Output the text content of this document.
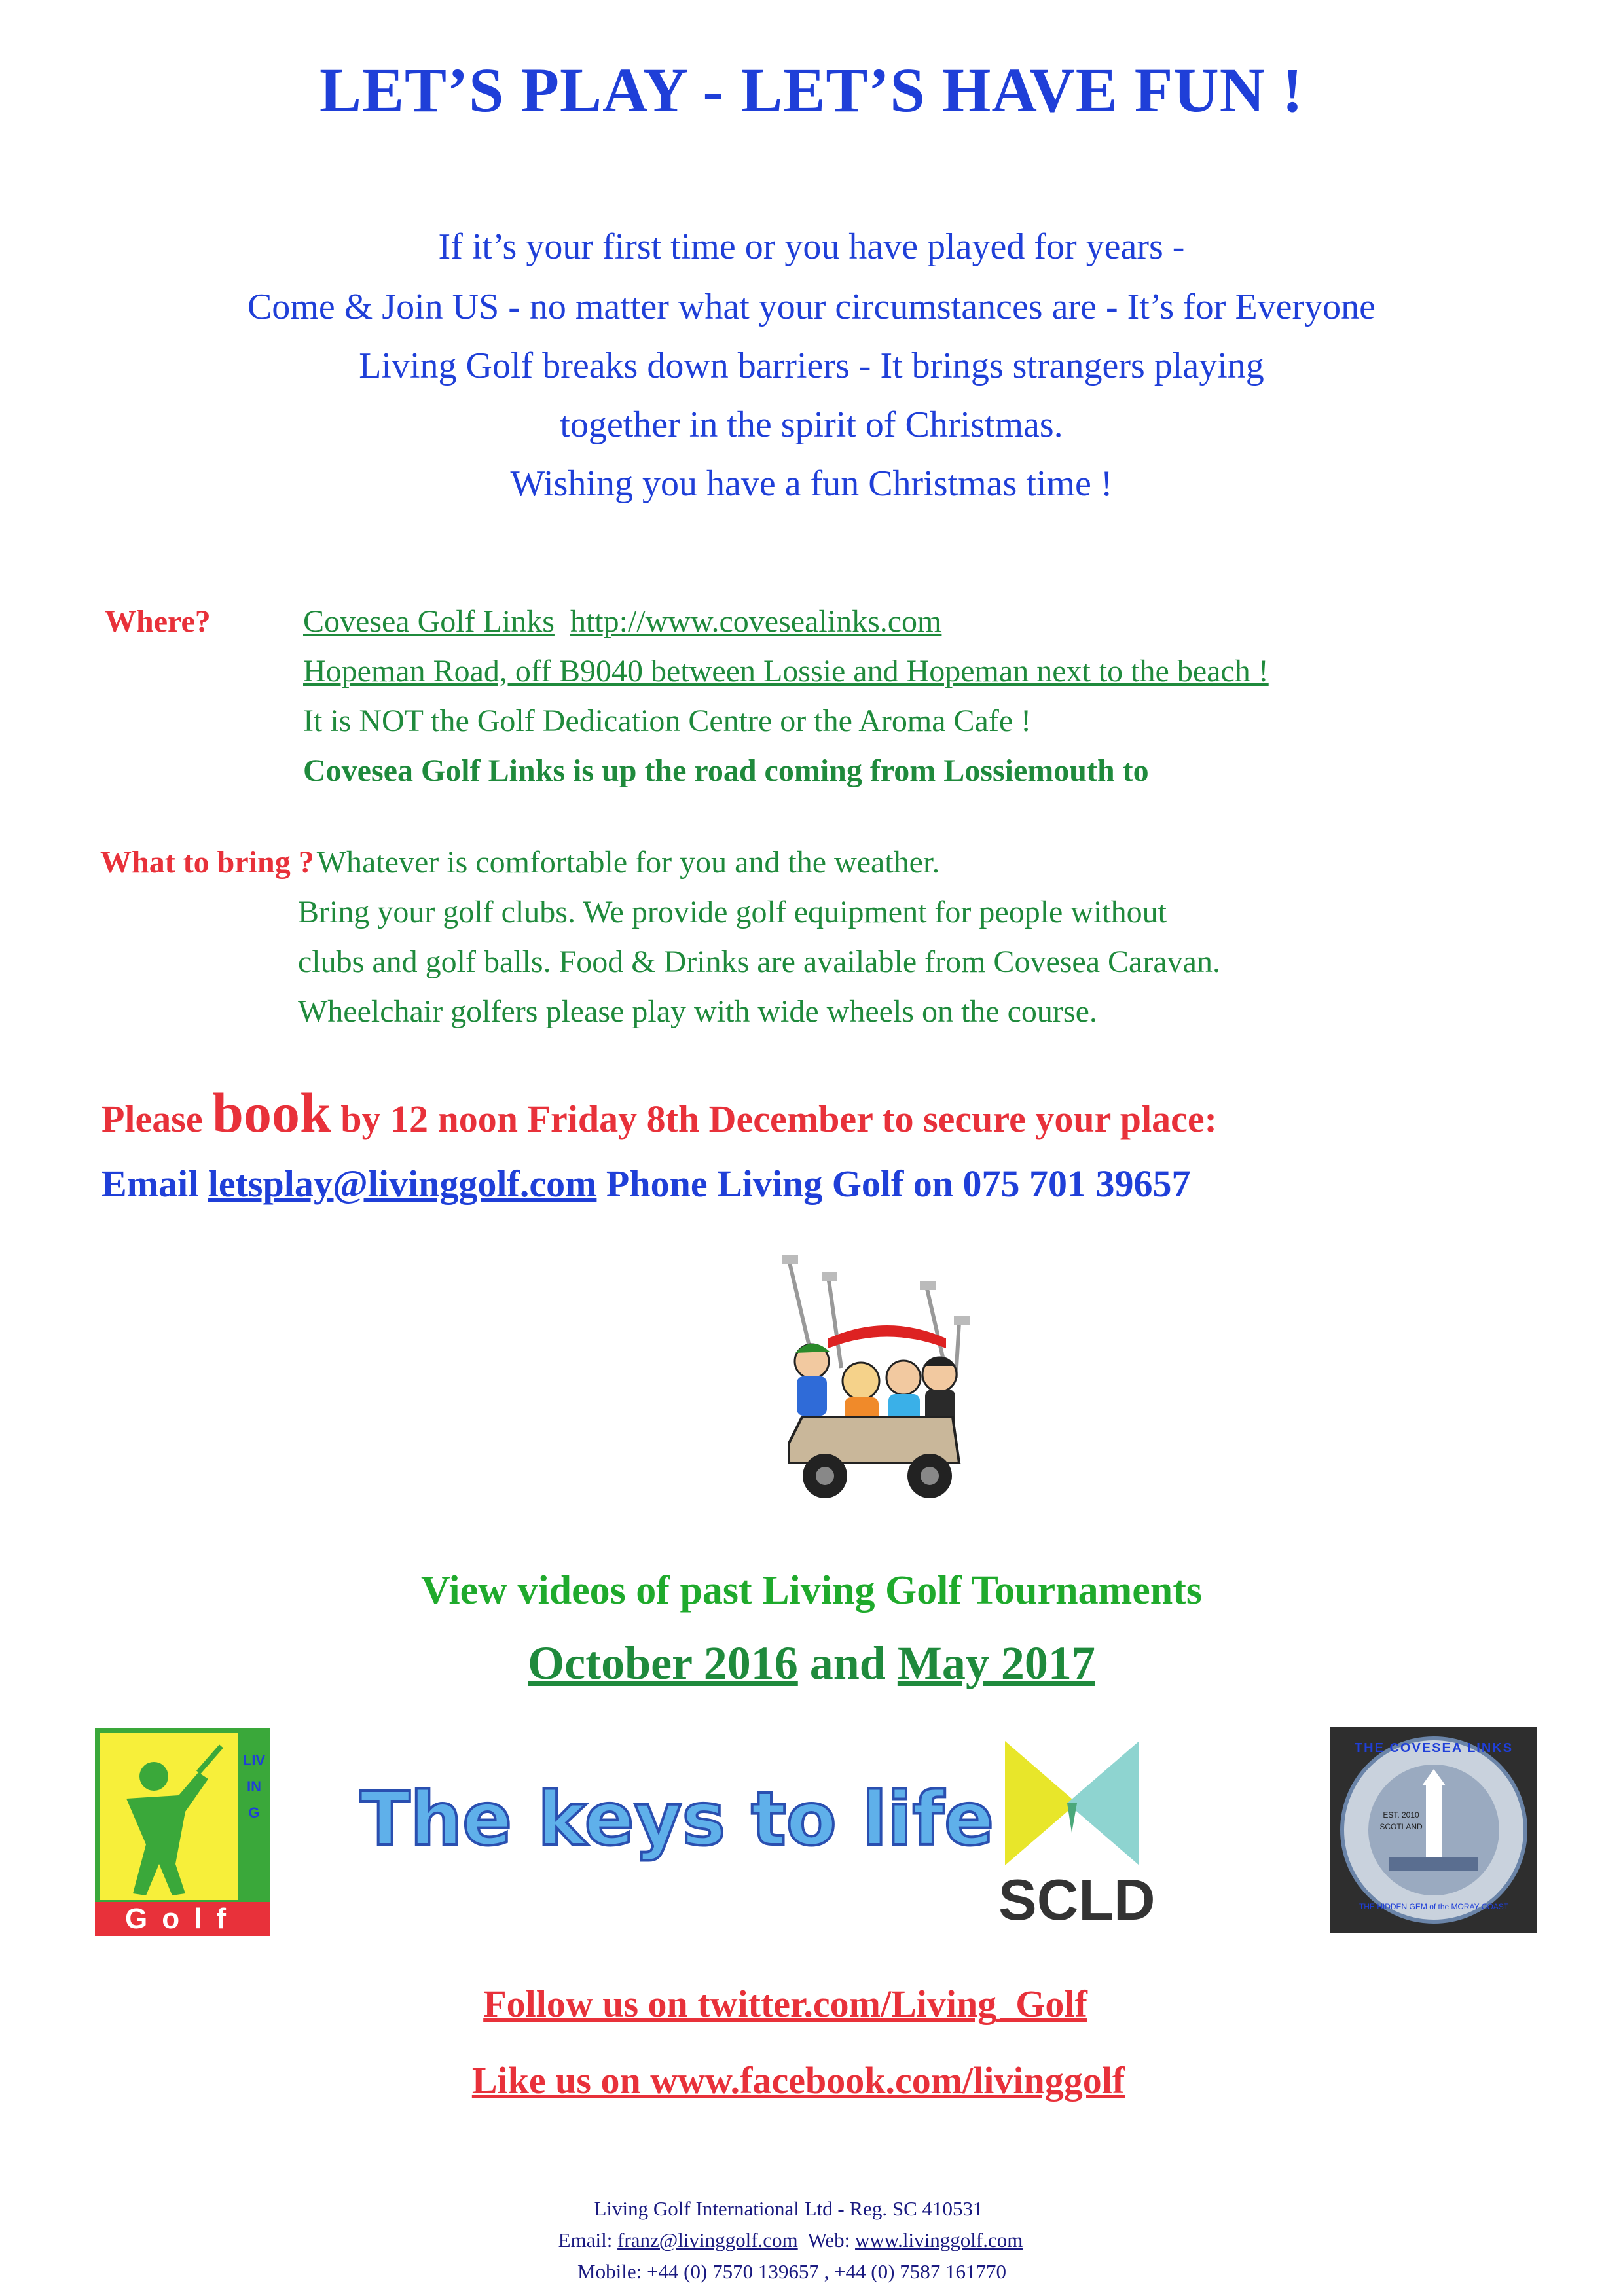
LET’S PLAY - LET’S HAVE FUN !
If it’s your first time or you have played for years -
Come & Join US - no matter what your circumstances are - It’s for Everyone
Living Golf breaks down barriers - It brings strangers playing
together in the spirit of Christmas.
Wishing you have a fun Christmas time !
Where?	Covesea Golf Links http://www.covesealinks.com
Hopeman Road, off B9040 between Lossie and Hopeman next to the beach !
It is NOT the Golf Dedication Centre or the Aroma Cafe !
Covesea Golf Links is up the road coming from Lossiemouth to
What to bring ? Whatever is comfortable for you and the weather.
Bring your golf clubs. We provide golf equipment for people without
clubs and golf balls. Food & Drinks are available from Covesea Caravan.
Wheelchair golfers please play with wide wheels on the course.
Please book by 12 noon Friday 8th December to secure your place:
Email letsplay@livinggolf.com Phone Living Golf on 075 701 39657
View videos of past Living Golf Tournaments
October 2016 and May 2017
LIVING
Golf
The keys to life
SCLD
THE COVESEA LINKS
EST. 2010
SCOTLAND
THE HIDDEN GEM of the MORAY COAST
Follow us on twitter.com/Living_Golf
Like us on www.facebook.com/livinggolf
Living Golf International Ltd - Reg. SC 410531
Email: franz@livinggolf.com Web: www.livinggolf.com
Mobile: +44 (0) 7570 139657 , +44 (0) 7587 161770
